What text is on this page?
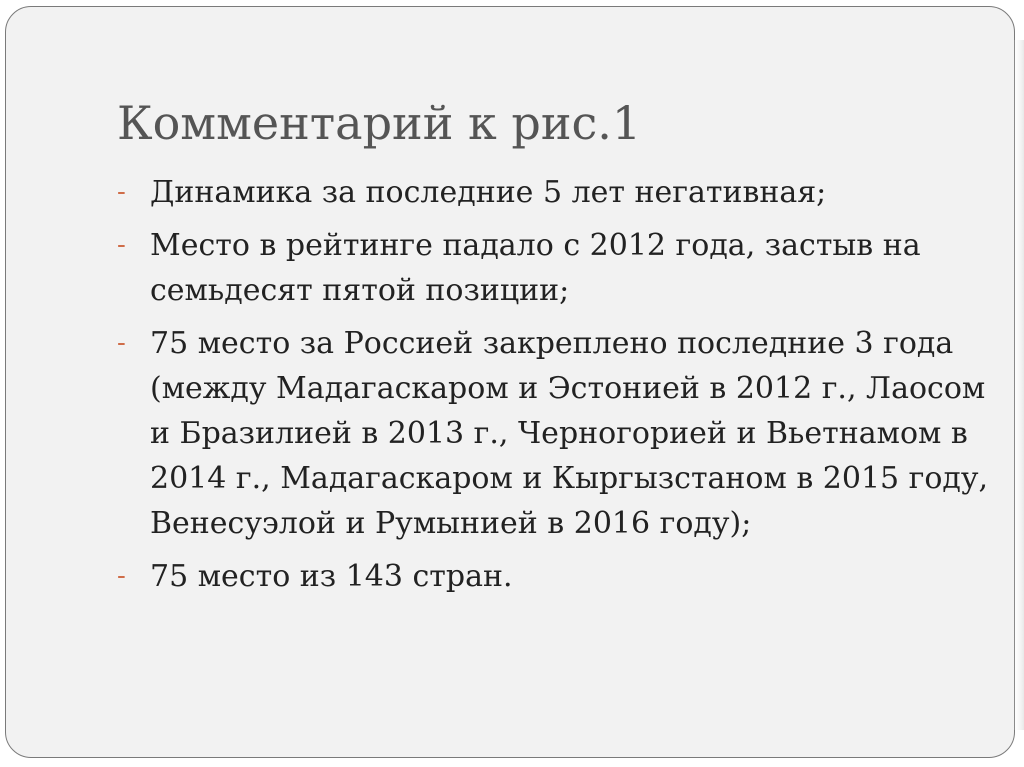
Комментарий к рис.1
- Динамика за последние 5 лет негативная;
- Место в рейтинге падало с 2012 года, застыв на семьдесят пятой позиции;
- 75 место за Россией закреплено последние 3 года (между Мадагаскаром и Эстонией в 2012 г., Лаосом и Бразилией в 2013 г., Черногорией и Вьетнамом в 2014 г., Мадагаскаром и Кыргызстаном в 2015 году, Венесуэлой и Румынией в 2016 году);
- 75 место из 143 стран.
